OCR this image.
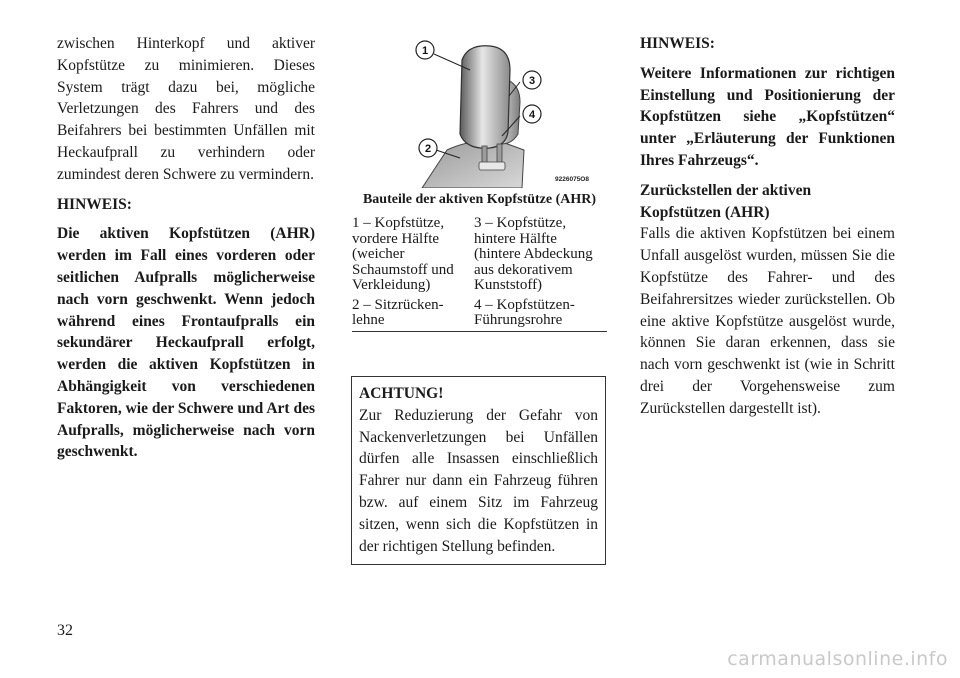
zwischen Hinterkopf und aktiver Kopfstütze zu minimieren. Dieses System trägt dazu bei, mögliche Verletzungen des Fahrers und des Beifahrers bei bestimmten Unfällen mit Heckaufprall zu verhindern oder zumindest deren Schwere zu vermindern.

HINWEIS:

Die aktiven Kopfstützen (AHR) werden im Fall eines vorderen oder seitlichen Aufpralls möglicherweise nach vorn geschwenkt. Wenn jedoch während eines Frontaufpralls ein sekundärer Heckaufprall erfolgt, werden die aktiven Kopfstützen in Abhängigkeit von verschiedenen Faktoren, wie der Schwere und Art des Aufpralls, möglicherweise nach vorn geschwenkt.

1
2
3
4
9226075O8

Bauteile der aktiven Kopfstütze (AHR)

1 – Kopfstütze, vordere Hälfte (weicher Schaumstoff und Verkleidung)	3 – Kopfstütze, hintere Hälfte (hintere Abdeckung aus dekorativem Kunststoff)
2 – Sitzrücken-lehne	4 – Kopfstützen-Führungsrohre

ACHTUNG!

Zur Reduzierung der Gefahr von Nackenverletzungen bei Unfällen dürfen alle Insassen einschließlich Fahrer nur dann ein Fahrzeug führen bzw. auf einem Sitz im Fahrzeug sitzen, wenn sich die Kopfstützen in der richtigen Stellung befinden.

HINWEIS:

Weitere Informationen zur richtigen Einstellung und Positionierung der Kopfstützen siehe „Kopfstützen“ unter „Erläuterung der Funktionen Ihres Fahrzeugs“.

Zurückstellen der aktiven Kopfstützen (AHR)

Falls die aktiven Kopfstützen bei einem Unfall ausgelöst wurden, müssen Sie die Kopfstütze des Fahrer- und des Beifahrersitzes wieder zurückstellen. Ob eine aktive Kopfstütze ausgelöst wurde, können Sie daran erkennen, dass sie nach vorn geschwenkt ist (wie in Schritt drei der Vorgehensweise zum Zurückstellen dargestellt ist).

32
carmanualsonline.info
